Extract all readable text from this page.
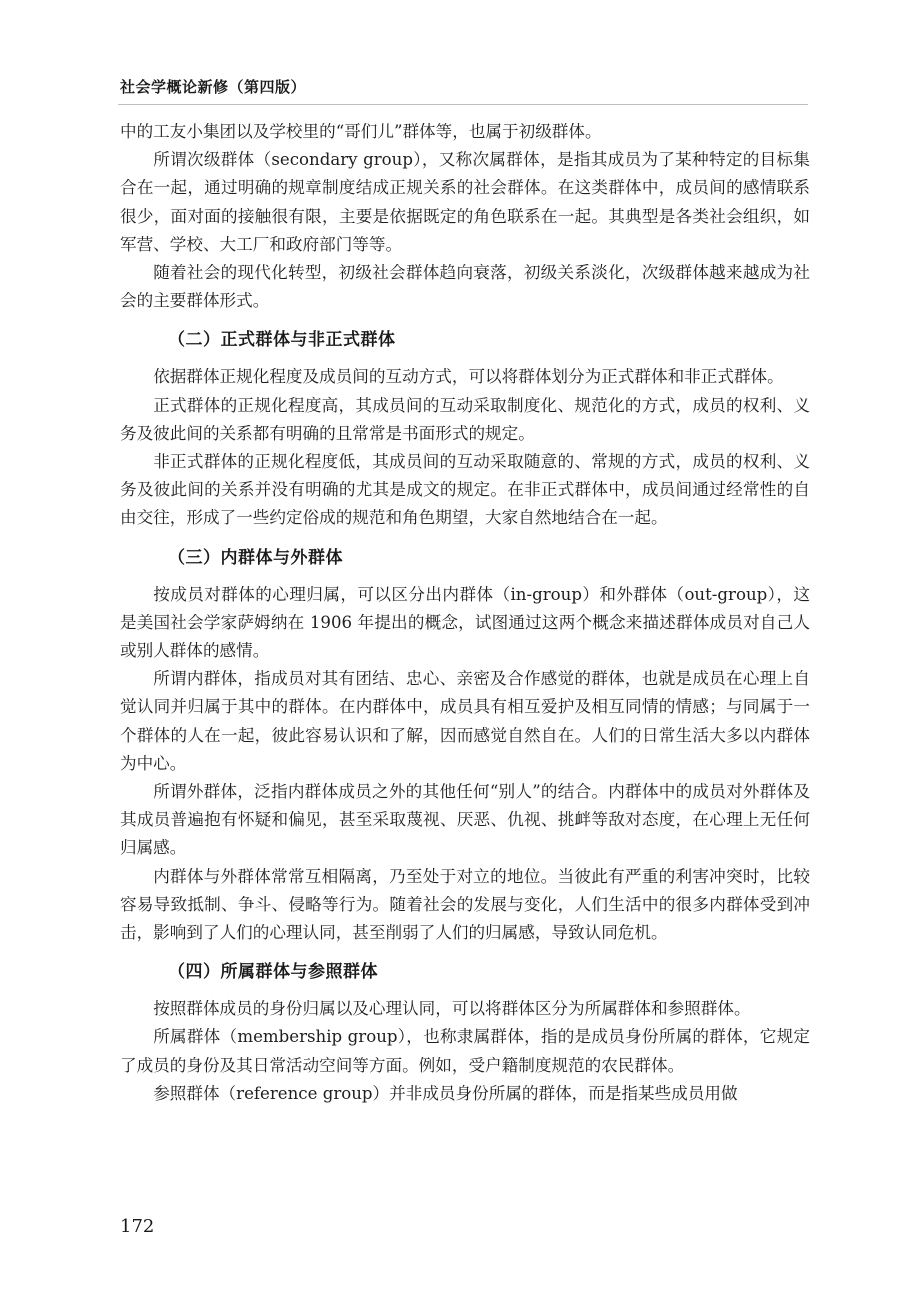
社会学概论新修（第四版）

中的工友小集团以及学校里的“哥们儿”群体等，也属于初级群体。

所谓次级群体（secondary group），又称次属群体，是指其成员为了某种特定的目标集合在一起，通过明确的规章制度结成正规关系的社会群体。在这类群体中，成员间的感情联系很少，面对面的接触很有限，主要是依据既定的角色联系在一起。其典型是各类社会组织，如军营、学校、大工厂和政府部门等等。

随着社会的现代化转型，初级社会群体趋向衰落，初级关系淡化，次级群体越来越成为社会的主要群体形式。

（二）正式群体与非正式群体

依据群体正规化程度及成员间的互动方式，可以将群体划分为正式群体和非正式群体。

正式群体的正规化程度高，其成员间的互动采取制度化、规范化的方式，成员的权利、义务及彼此间的关系都有明确的且常常是书面形式的规定。

非正式群体的正规化程度低，其成员间的互动采取随意的、常规的方式，成员的权利、义务及彼此间的关系并没有明确的尤其是成文的规定。在非正式群体中，成员间通过经常性的自由交往，形成了一些约定俗成的规范和角色期望，大家自然地结合在一起。

（三）内群体与外群体

按成员对群体的心理归属，可以区分出内群体（in-group）和外群体（out-group），这是美国社会学家萨姆纳在 1906 年提出的概念，试图通过这两个概念来描述群体成员对自己人或别人群体的感情。

所谓内群体，指成员对其有团结、忠心、亲密及合作感觉的群体，也就是成员在心理上自觉认同并归属于其中的群体。在内群体中，成员具有相互爱护及相互同情的情感；与同属于一个群体的人在一起，彼此容易认识和了解，因而感觉自然自在。人们的日常生活大多以内群体为中心。

所谓外群体，泛指内群体成员之外的其他任何“别人”的结合。内群体中的成员对外群体及其成员普遍抱有怀疑和偏见，甚至采取蔑视、厌恶、仇视、挑衅等敌对态度，在心理上无任何归属感。

内群体与外群体常常互相隔离，乃至处于对立的地位。当彼此有严重的利害冲突时，比较容易导致抵制、争斗、侵略等行为。随着社会的发展与变化，人们生活中的很多内群体受到冲击，影响到了人们的心理认同，甚至削弱了人们的归属感，导致认同危机。

（四）所属群体与参照群体

按照群体成员的身份归属以及心理认同，可以将群体区分为所属群体和参照群体。

所属群体（membership group），也称隶属群体，指的是成员身份所属的群体，它规定了成员的身份及其日常活动空间等方面。例如，受户籍制度规范的农民群体。

参照群体（reference group）并非成员身份所属的群体，而是指某些成员用做

172
